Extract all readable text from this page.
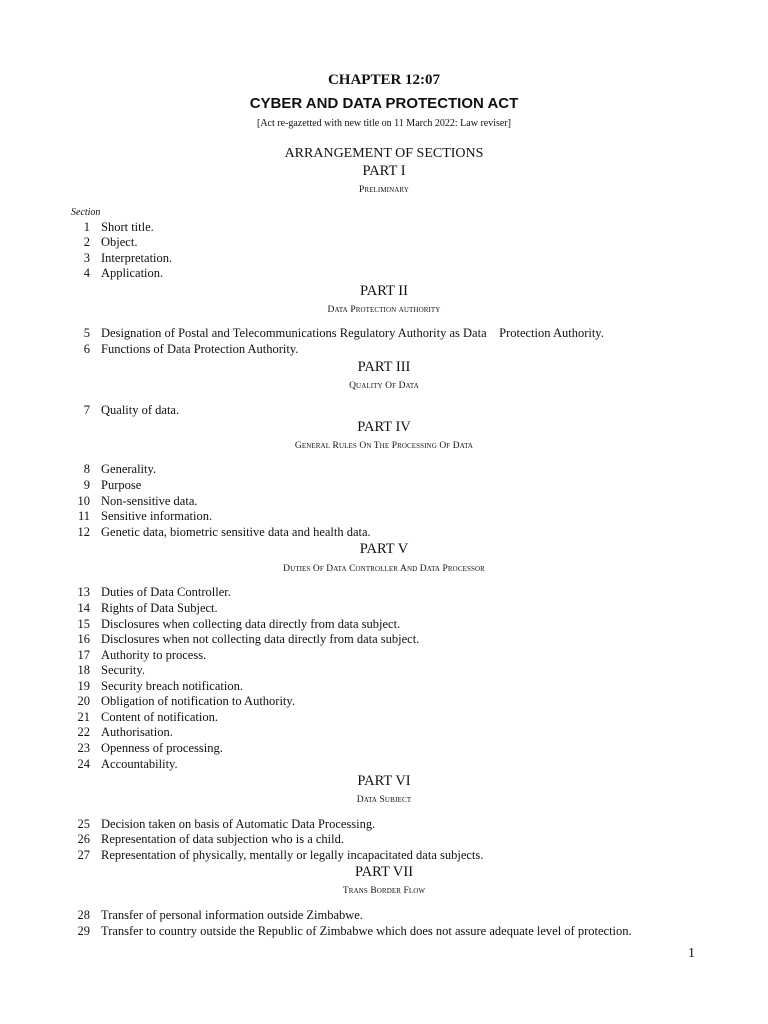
CHAPTER 12:07
CYBER AND DATA PROTECTION ACT
[Act re-gazetted with new title on 11 March 2022: Law reviser]
ARRANGEMENT OF SECTIONS
PART I
Preliminary
Section
1 Short title.
2 Object.
3 Interpretation.
4 Application.
PART II
Data Protection authority
5 Designation of Postal and Telecommunications Regulatory Authority as Data    Protection Authority.
6 Functions of Data Protection Authority.
PART III
Quality Of Data
7 Quality of data.
PART IV
General Rules On The Processing Of Data
8 Generality.
9 Purpose
10 Non-sensitive data.
11 Sensitive information.
12 Genetic data, biometric sensitive data and health data.
PART V
Duties Of Data Controller And Data Processor
13 Duties of Data Controller.
14 Rights of Data Subject.
15 Disclosures when collecting data directly from data subject.
16 Disclosures when not collecting data directly from data subject.
17 Authority to process.
18 Security.
19 Security breach notification.
20 Obligation of notification to Authority.
21 Content of notification.
22 Authorisation.
23 Openness of processing.
24 Accountability.
PART VI
Data Subject
25 Decision taken on basis of Automatic Data Processing.
26 Representation of data subjection who is a child.
27 Representation of physically, mentally or legally incapacitated data subjects.
PART VII
Trans Border Flow
28 Transfer of personal information outside Zimbabwe.
29 Transfer to country outside the Republic of Zimbabwe which does not assure adequate level of protection.
1
